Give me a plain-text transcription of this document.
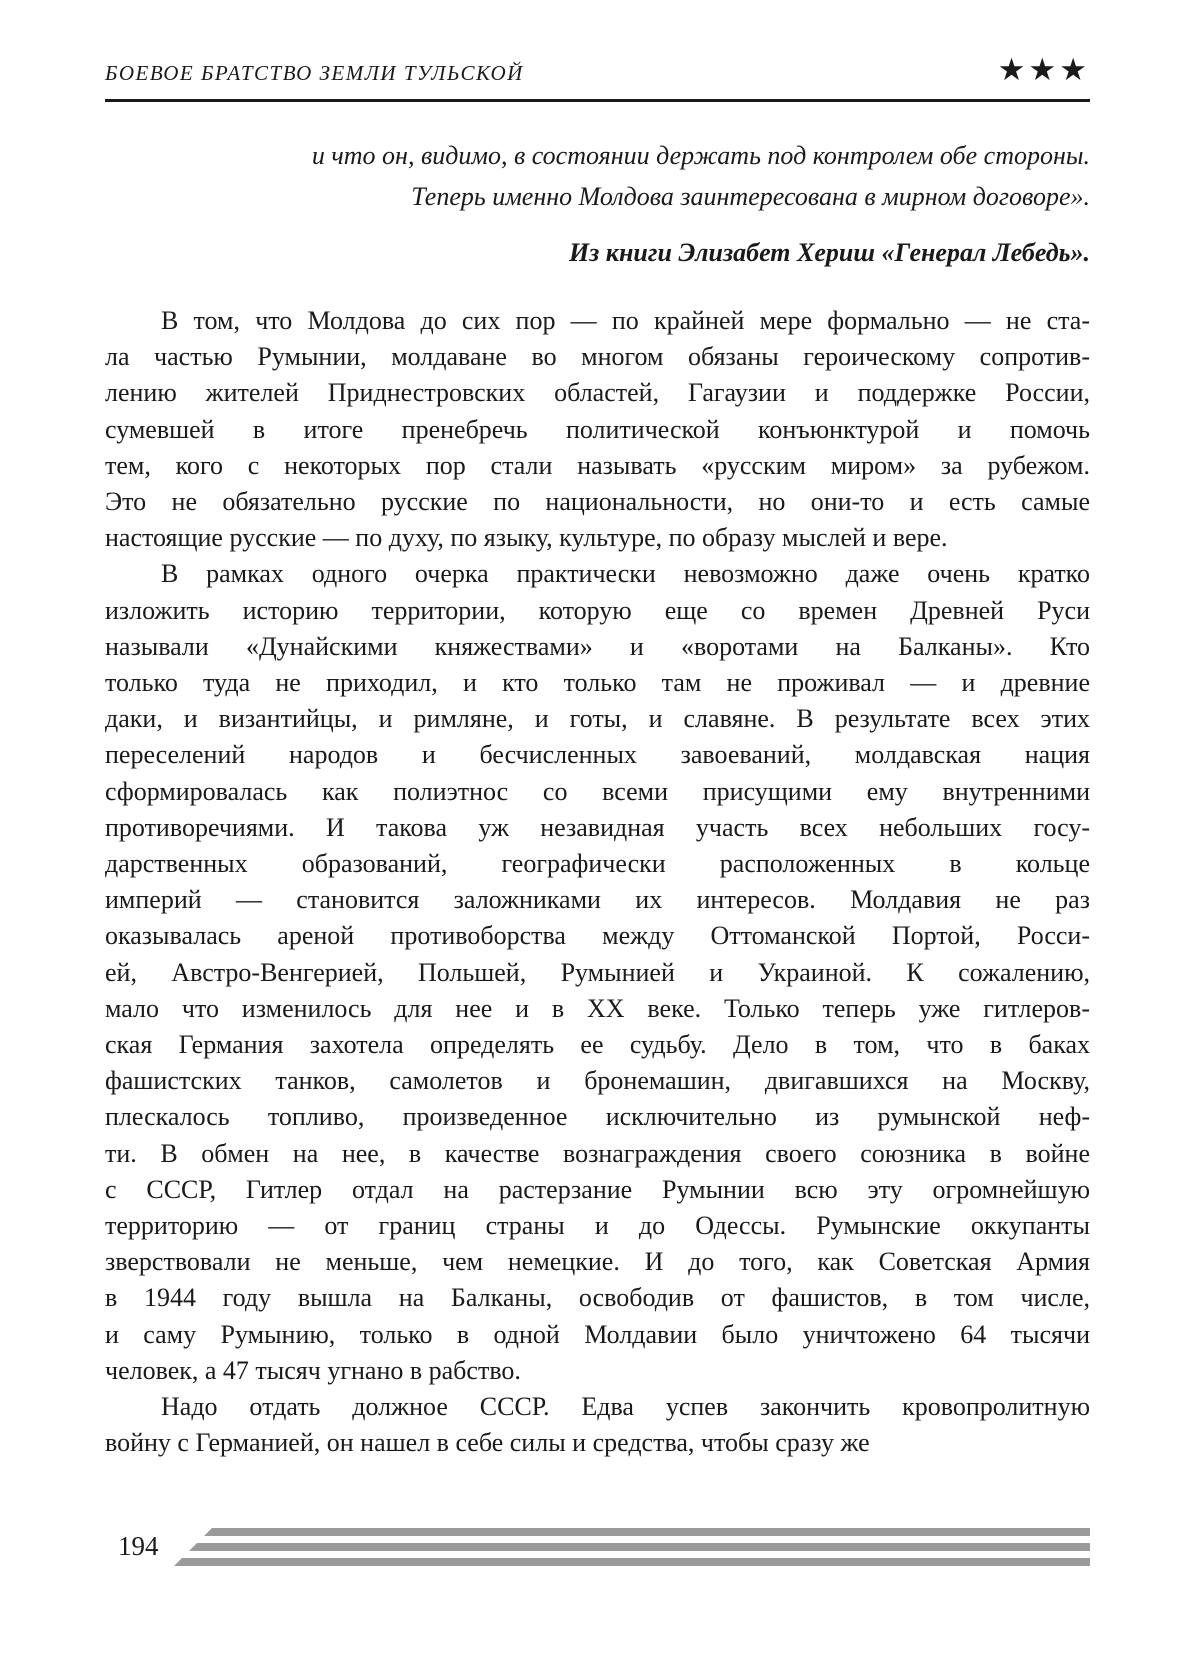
БОЕВОЕ БРАТСТВО ЗЕМЛИ ТУЛЬСКОЙ	★★★
и что он, видимо, в состоянии держать под контролем обе стороны.
Теперь именно Молдова заинтересована в мирном договоре».
Из книги Элизабет Хериш «Генерал Лебедь».
В том, что Молдова до сих пор — по крайней мере формально — не ста-
ла частью Румынии, молдаване во многом обязаны героическому сопротив-
лению жителей Приднестровских областей, Гагаузии и поддержке России,
сумевшей в итоге пренебречь политической конъюнктурой и помочь
тем, кого с некоторых пор стали называть «русским миром» за рубежом.
Это не обязательно русские по национальности, но они-то и есть самые
настоящие русские — по духу, по языку, культуре, по образу мыслей и вере.
В рамках одного очерка практически невозможно даже очень кратко
изложить историю территории, которую еще со времен Древней Руси
называли «Дунайскими княжествами» и «воротами на Балканы». Кто
только туда не приходил, и кто только там не проживал — и древние
даки, и византийцы, и римляне, и готы, и славяне. В результате всех этих
переселений народов и бесчисленных завоеваний, молдавская нация
сформировалась как полиэтнос со всеми присущими ему внутренними
противоречиями. И такова уж незавидная участь всех небольших госу-
дарственных образований, географически расположенных в кольце
империй — становится заложниками их интересов. Молдавия не раз
оказывалась ареной противоборства между Оттоманской Портой, Росси-
ей, Австро-Венгерией, Польшей, Румынией и Украиной. К сожалению,
мало что изменилось для нее и в XX веке. Только теперь уже гитлеров-
ская Германия захотела определять ее судьбу. Дело в том, что в баках
фашистских танков, самолетов и бронемашин, двигавшихся на Москву,
плескалось топливо, произведенное исключительно из румынской неф-
ти. В обмен на нее, в качестве вознаграждения своего союзника в войне
с СССР, Гитлер отдал на растерзание Румынии всю эту огромнейшую
территорию — от границ страны и до Одессы. Румынские оккупанты
зверствовали не меньше, чем немецкие. И до того, как Советская Армия
в 1944 году вышла на Балканы, освободив от фашистов, в том числе,
и саму Румынию, только в одной Молдавии было уничтожено 64 тысячи
человек, а 47 тысяч угнано в рабство.
Надо отдать должное СССР. Едва успев закончить кровопролитную
войну с Германией, он нашел в себе силы и средства, чтобы сразу же
194
